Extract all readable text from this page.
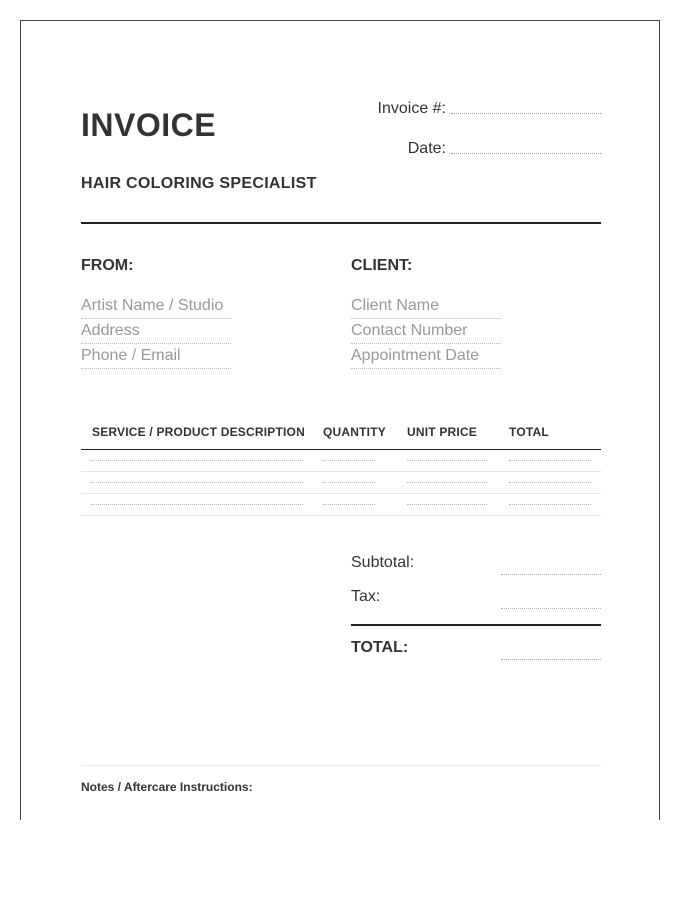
INVOICE
HAIR COLORING SPECIALIST
Invoice #:
Date:
FROM:
Artist Name / Studio
Address
Phone / Email
CLIENT:
Client Name
Contact Number
Appointment Date
SERVICE / PRODUCT DESCRIPTION QUANTITY UNIT PRICE	TOTAL
Subtotal:
Tax:
TOTAL:
Notes / Aftercare Instructions:
